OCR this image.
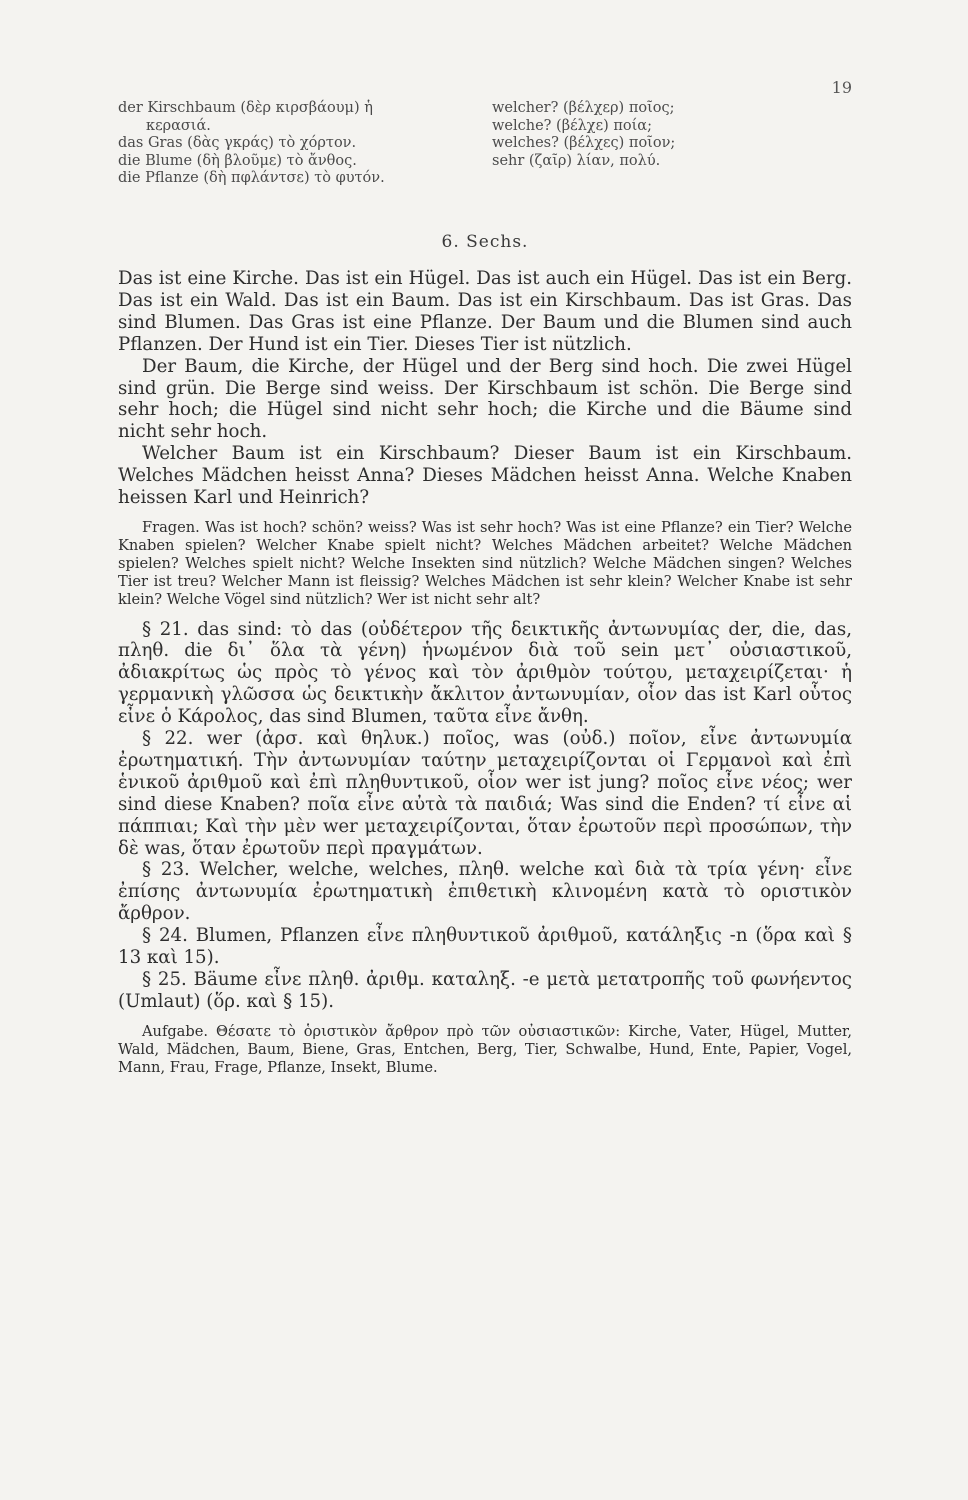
19
der Kirschbaum (δὲρ κιρσβάουμ) ἡ
κερασιά.
das Gras (δὰς γκράς) τὸ χόρτον.
die Blume (δὴ βλοῦμε) τὸ ἄνθος.
die Pflanze (δὴ πφλάντσε) τὸ φυτόν.
welcher? (βέλχερ) ποῖος;
welche? (βέλχε) ποία;
welches? (βέλχες) ποῖον;
sehr (ζαῖρ) λίαν, πολύ.
6. Sechs.

Das ist eine Kirche. Das ist ein Hügel. Das ist auch ein Hügel. Das ist ein Berg. Das ist ein Wald. Das ist ein Baum. Das ist ein Kirschbaum. Das ist Gras. Das sind Blumen. Das Gras ist eine Pflanze. Der Baum und die Blumen sind auch Pflanzen. Der Hund ist ein Tier. Dieses Tier ist nützlich.

Der Baum, die Kirche, der Hügel und der Berg sind hoch. Die zwei Hügel sind grün. Die Berge sind weiss. Der Kirschbaum ist schön. Die Berge sind sehr hoch; die Hügel sind nicht sehr hoch; die Kirche und die Bäume sind nicht sehr hoch.

Welcher Baum ist ein Kirschbaum? Dieser Baum ist ein Kirschbaum. Welches Mädchen heisst Anna? Dieses Mädchen heisst Anna. Welche Knaben heissen Karl und Heinrich?

Fragen. Was ist hoch? schön? weiss? Was ist sehr hoch? Was ist eine Pflanze? ein Tier? Welche Knaben spielen? Welcher Knabe spielt nicht? Welches Mädchen arbeitet? Welche Mädchen spielen? Welches spielt nicht? Welche Insekten sind nützlich? Welche Mädchen singen? Welches Tier ist treu? Welcher Mann ist fleissig? Welches Mädchen ist sehr klein? Welcher Knabe ist sehr klein? Welche Vögel sind nützlich? Wer ist nicht sehr alt?

§ 21. das sind: τὸ das (οὐδέτερον τῆς δεικτικῆς ἀντωνυμίας der, die, das, πληθ. die δι᾽ ὅλα τὰ γένη) ἡνωμένον διὰ τοῦ sein μετ᾽ οὐσιαστικοῦ, ἀδιακρίτως ὡς πρὸς τὸ γένος καὶ τὸν ἀριθμὸν τούτου, μεταχειρίζεται· ἡ γερμανικὴ γλῶσσα ὡς δεικτικὴν ἄκλιτον ἀντωνυμίαν, οἷον das ist Karl οὗτος εἶνε ὁ Κάρολος, das sind Blumen, ταῦτα εἶνε ἄνθη.

§ 22. wer (ἀρσ. καὶ θηλυκ.) ποῖος, was (οὐδ.) ποῖον, εἶνε ἀντωνυμία ἐρωτηματική. Τὴν ἀντωνυμίαν ταύτην μεταχειρίζονται οἱ Γερμανοὶ καὶ ἐπὶ ἑνικοῦ ἀριθμοῦ καὶ ἐπὶ πληθυντικοῦ, οἷον wer ist jung? ποῖος εἶνε νέος; wer sind diese Knaben? ποῖα εἶνε αὐτὰ τὰ παιδιά; Was sind die Enden? τί εἶνε αἱ πάππιαι; Καὶ τὴν μὲν wer μεταχειρίζονται, ὅταν ἐρωτοῦν περὶ προσώπων, τὴν δὲ was, ὅταν ἐρωτοῦν περὶ πραγμάτων.

§ 23. Welcher, welche, welches, πληθ. welche καὶ διὰ τὰ τρία γένη· εἶνε ἐπίσης ἀντωνυμία ἐρωτηματικὴ ἐπιθετικὴ κλινομένη κατὰ τὸ οριστικὸν ἄρθρον.

§ 24. Blumen, Pflanzen εἶνε πληθυντικοῦ ἀριθμοῦ, κατάληξις -n (ὅρα καὶ § 13 καὶ 15).

§ 25. Bäume εἶνε πληθ. ἀριθμ. καταληξ. -e μετὰ μετατροπῆς τοῦ φωνήεντος (Umlaut) (ὅρ. καὶ § 15).

Aufgabe. Θέσατε τὸ ὁριστικὸν ἄρθρον πρὸ τῶν οὐσιαστικῶν: Kirche, Vater, Hügel, Mutter, Wald, Mädchen, Baum, Biene, Gras, Entchen, Berg, Tier, Schwalbe, Hund, Ente, Papier, Vogel, Mann, Frau, Frage, Pflanze, Insekt, Blume.
